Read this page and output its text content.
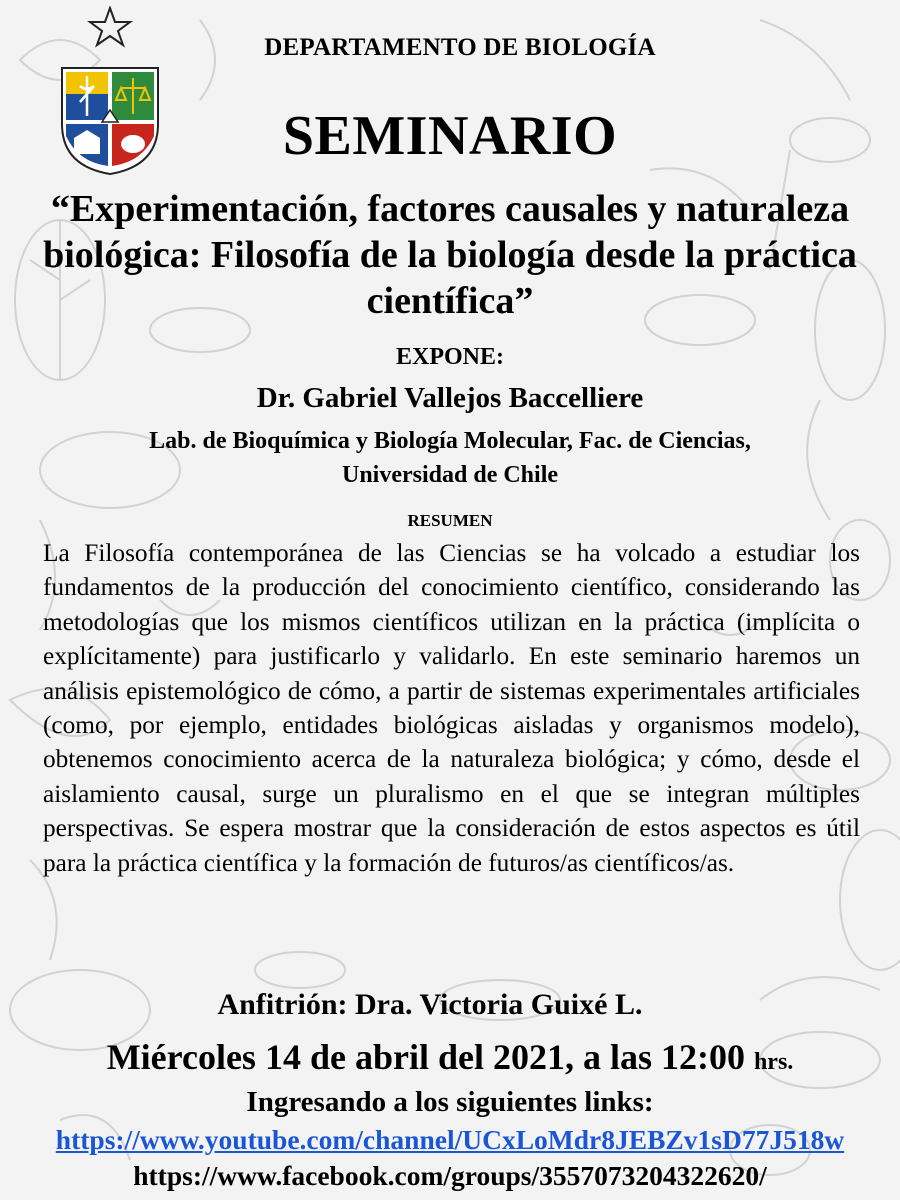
DEPARTAMENTO DE BIOLOGÍA
SEMINARIO
“Experimentación, factores causales y naturaleza biológica: Filosofía de la biología desde la práctica científica”
EXPONE:
Dr. Gabriel Vallejos Baccelliere
Lab. de Bioquímica y Biología Molecular, Fac. de Ciencias,
Universidad de Chile
RESUMEN
La Filosofía contemporánea de las Ciencias se ha volcado a estudiar los fundamentos de la producción del conocimiento científico, considerando las metodologías que los mismos científicos utilizan en la práctica (implícita o explícitamente) para justificarlo y validarlo. En este seminario haremos un análisis epistemológico de cómo, a partir de sistemas experimentales artificiales (como, por ejemplo, entidades biológicas aisladas y organismos modelo), obtenemos conocimiento acerca de la naturaleza biológica; y cómo, desde el aislamiento causal, surge un pluralismo en el que se integran múltiples perspectivas. Se espera mostrar que la consideración de estos aspectos es útil para la práctica científica y la formación de futuros/as científicos/as.
Anfitrión: Dra. Victoria Guixé L.
Miércoles 14 de abril del 2021, a las 12:00 hrs.
Ingresando a los siguientes links:
https://www.youtube.com/channel/UCxLoMdr8JEBZv1sD77J518w
https://www.facebook.com/groups/3557073204322620/
